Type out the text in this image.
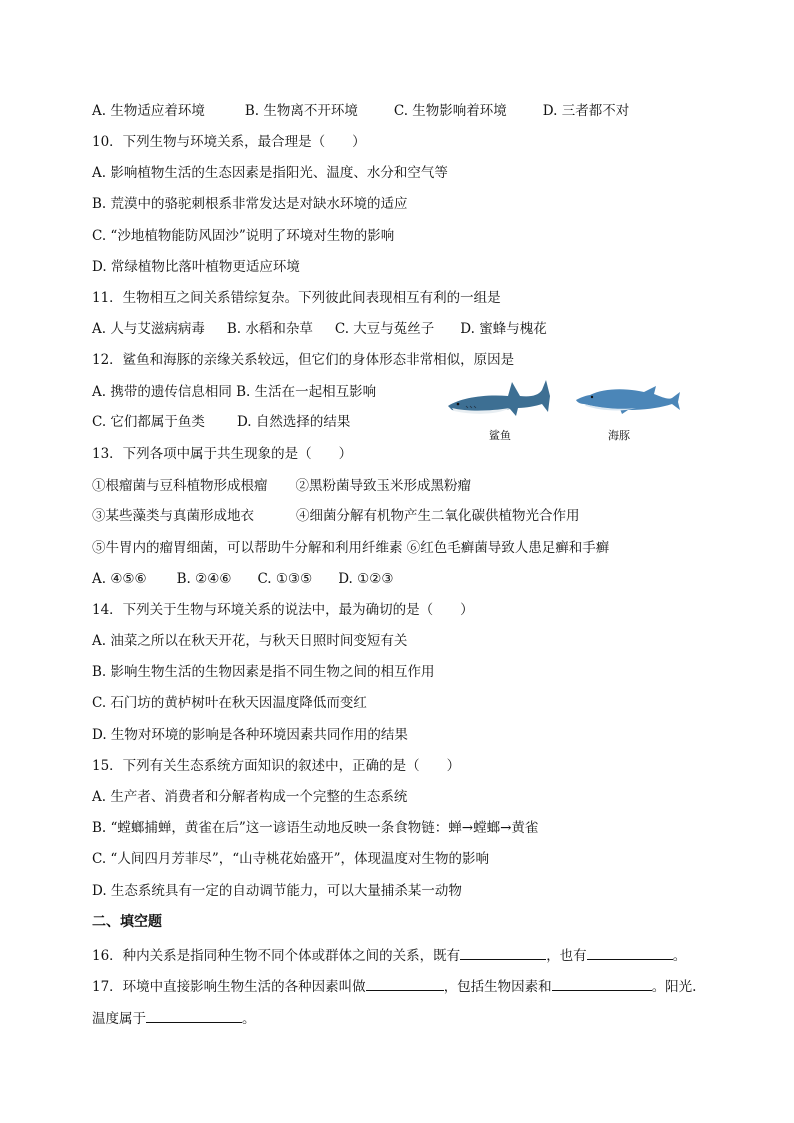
A. 生物适应着环境	B. 生物离不开环境	C. 生物影响着环境	D. 三者都不对
10．下列生物与环境关系，最合理是（　　）
A. 影响植物生活的生态因素是指阳光、温度、水分和空气等
B. 荒漠中的骆驼刺根系非常发达是对缺水环境的适应
C. “沙地植物能防风固沙”说明了环境对生物的影响
D. 常绿植物比落叶植物更适应环境
11．生物相互之间关系错综复杂。下列彼此间表现相互有利的一组是
A. 人与艾滋病病毒 B. 水稻和杂草 C. 大豆与菟丝子 D. 蜜蜂与槐花
12．鲨鱼和海豚的亲缘关系较远，但它们的身体形态非常相似，原因是
A. 携带的遗传信息相同 B. 生活在一起相互影响
C. 它们都属于鱼类 D. 自然选择的结果
鲨鱼	海豚
13．下列各项中属于共生现象的是（　　）
①根瘤菌与豆科植物形成根瘤 ②黑粉菌导致玉米形成黑粉瘤
③某些藻类与真菌形成地衣	④细菌分解有机物产生二氧化碳供植物光合作用
⑤牛胃内的瘤胃细菌，可以帮助牛分解和利用纤维素 ⑥红色毛癣菌导致人患足癣和手癣
A. ④⑤⑥ B. ②④⑥ C. ①③⑤ D. ①②③
14．下列关于生物与环境关系的说法中，最为确切的是（　　）
A. 油菜之所以在秋天开花，与秋天日照时间变短有关
B. 影响生物生活的生物因素是指不同生物之间的相互作用
C. 石门坊的黄栌树叶在秋天因温度降低而变红
D. 生物对环境的影响是各种环境因素共同作用的结果
15．下列有关生态系统方面知识的叙述中，正确的是（　　）
A. 生产者、消费者和分解者构成一个完整的生态系统
B. “螳螂捕蝉，黄雀在后”这一谚语生动地反映一条食物链：蝉→螳螂→黄雀
C. “人间四月芳菲尽”，“山寺桃花始盛开”，体现温度对生物的影响
D. 生态系统具有一定的自动调节能力，可以大量捕杀某一动物
二、填空题
16．种内关系是指同种生物不同个体或群体之间的关系，既有	，也有	。
17．环境中直接影响生物生活的各种因素叫做	，包括生物因素和	。阳光.
温度属于	。
